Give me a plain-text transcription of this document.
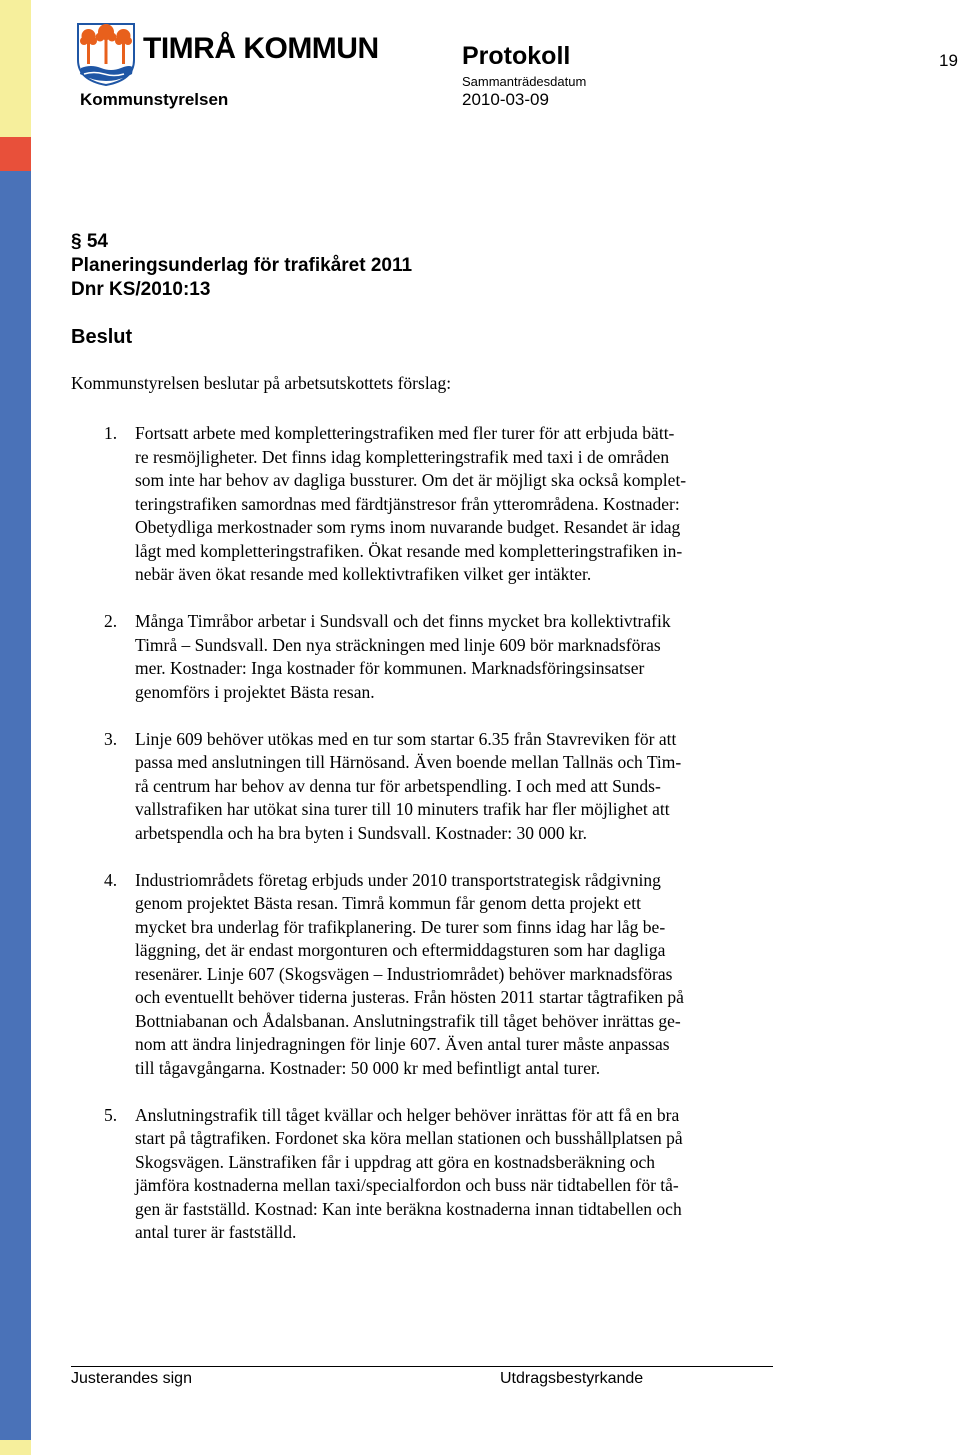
TIMRÅ KOMMUN
Kommunstyrelsen
Protokoll
Sammanträdesdatum
2010-03-09
19
§ 54
Planeringsunderlag för trafikåret 2011
Dnr KS/2010:13
Beslut
Kommunstyrelsen beslutar på arbetsutskottets förslag:
1. Fortsatt arbete med kompletteringstrafiken med fler turer för att erbjuda bätt-
re resmöjligheter. Det finns idag kompletteringstrafik med taxi i de områden
som inte har behov av dagliga bussturer. Om det är möjligt ska också komplet-
teringstrafiken samordnas med färdtjänstresor från ytterområdena. Kostnader:
Obetydliga merkostnader som ryms inom nuvarande budget. Resandet är idag
lågt med kompletteringstrafiken. Ökat resande med kompletteringstrafiken in-
nebär även ökat resande med kollektivtrafiken vilket ger intäkter.
2. Många Timråbor arbetar i Sundsvall och det finns mycket bra kollektivtrafik
Timrå – Sundsvall. Den nya sträckningen med linje 609 bör marknadsföras
mer. Kostnader: Inga kostnader för kommunen. Marknadsföringsinsatser
genomförs i projektet Bästa resan.
3. Linje 609 behöver utökas med en tur som startar 6.35 från Stavreviken för att
passa med anslutningen till Härnösand. Även boende mellan Tallnäs och Tim-
rå centrum har behov av denna tur för arbetspendling. I och med att Sunds-
vallstrafiken har utökat sina turer till 10 minuters trafik har fler möjlighet att
arbetspendla och ha bra byten i Sundsvall. Kostnader: 30 000 kr.
4. Industriområdets företag erbjuds under 2010 transportstrategisk rådgivning
genom projektet Bästa resan. Timrå kommun får genom detta projekt ett
mycket bra underlag för trafikplanering. De turer som finns idag har låg be-
läggning, det är endast morgonturen och eftermiddagsturen som har dagliga
resenärer. Linje 607 (Skogsvägen – Industriområdet) behöver marknadsföras
och eventuellt behöver tiderna justeras. Från hösten 2011 startar tågtrafiken på
Bottniabanan och Ådalsbanan. Anslutningstrafik till tåget behöver inrättas ge-
nom att ändra linjedragningen för linje 607. Även antal turer måste anpassas
till tågavgångarna. Kostnader: 50 000 kr med befintligt antal turer.
5. Anslutningstrafik till tåget kvällar och helger behöver inrättas för att få en bra
start på tågtrafiken. Fordonet ska köra mellan stationen och busshållplatsen på
Skogsvägen. Länstrafiken får i uppdrag att göra en kostnadsberäkning och
jämföra kostnaderna mellan taxi/specialfordon och buss när tidtabellen för tå-
gen är fastställd. Kostnad: Kan inte beräkna kostnaderna innan tidtabellen och
antal turer är fastställd.
Justerandes sign	Utdragsbestyrkande
